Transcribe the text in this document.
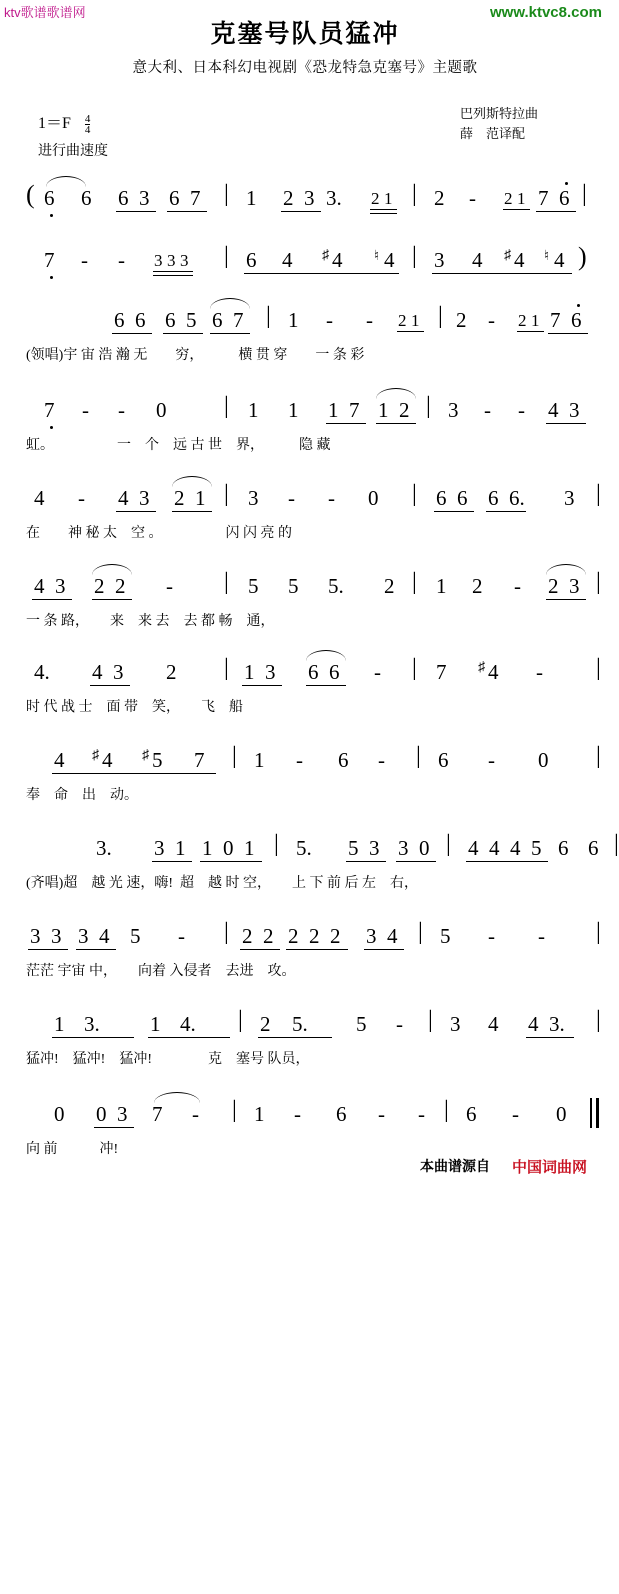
ktv歌谱歌谱网	www.ktvc8.com
克塞号队员猛冲
意大利、日本科幻电视剧《恐龙特急克塞号》主题歌
巴列斯特拉曲
薛　范译配
$1=F \frac{4}{4}$
进行曲速度

(

6

6

6 3

6 7

|

1

2 3

3.

2 1

|

2

-

2 1

7 6

|

7

-

-

3 3 3

|

6

4

♯ 4

♮ 4

|

3

4

♯ 4

♮ 4

)

6 6

6 5

6 7

|

1

-

-

2 1

|

2

-

2 1

7 6

(领唱)宇 宙 浩 瀚 无　　穷，　　　横 贯 穿　　一 条 彩

7

-

-

0

|

1

1

1 7

1 2

|

3

-

-

4 3

虹。　　　　　一　个　远 古 世　界，　　　隐 藏

4

-

4 3

2 1

|

3

-

-

0

|

6 6

6 6.

3

|

在　　神 秘 太　空 。　　　　　闪 闪 亮 的

4 3

2 2

-

|

5

5

5.

2

|

1

2

-

2 3

|

一 条 路，　　来　来 去　去 都 畅　通，

4.

4 3

2

|

1 3

6 6

-

|

7

♯ 4

-

|

时 代 战 士　面 带　笑，　　飞　船

4

♯ 4

♯ 5

7

|

1

-

6

-

|

6

-

0

|

奉　命　出　动。

3.

3 1

1 0 1

|

5.

5 3

3 0

|

4 4

4 5

6

6

|

(齐唱)超　越 光 速，嗨!  超　越 时 空，　　上 下 前 后 左　右，

3 3

3 4

5

-

|

2 2

2 2 2

3 4

|

5

-

-

|

茫茫 宇宙 中，　　向着 入侵者　去进　攻。

1

3.

1

4.

|

2

5.

5

-

|

3

4

4 3.

|

猛冲!　猛冲!　猛冲!　　　　克　塞号 队员，

0

0 3

7

-

|

1

-

6

-

-

|

6

-

0

向 前　　　冲!
本曲谱源自 中国词曲网
